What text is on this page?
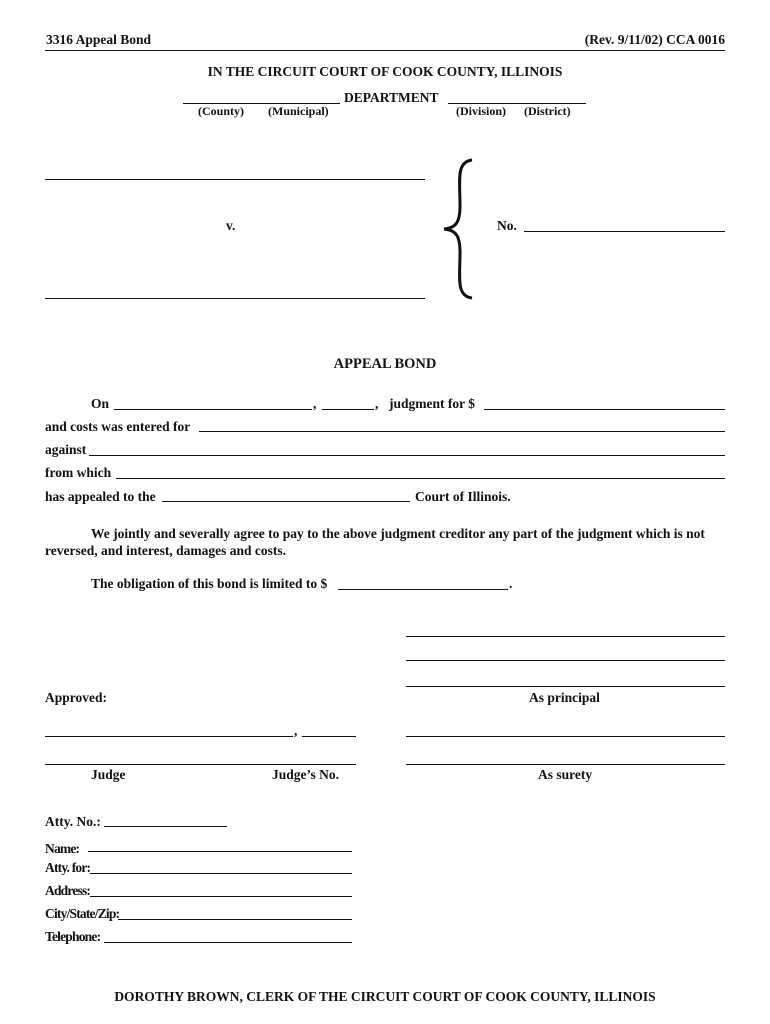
3316 Appeal Bond	(Rev. 9/11/02) CCA 0016
IN THE CIRCUIT COURT OF COOK COUNTY, ILLINOIS
DEPARTMENT
(County) (Municipal)	(Division) (District)
v.	No.
APPEAL BOND
On	,	, judgment for $
and costs was entered for
against
from which
has appealed to the	Court of Illinois.
We jointly and severally agree to pay to the above judgment creditor any part of the judgment which is not reversed, and interest, damages and costs.
The obligation of this bond is limited to $	.
Approved:	As principal
,
Judge	Judge’s No.	As surety
Atty. No.:
Name:
Atty. for:
Address:
City/State/Zip:
Telephone:
DOROTHY BROWN, CLERK OF THE CIRCUIT COURT OF COOK COUNTY, ILLINOIS
